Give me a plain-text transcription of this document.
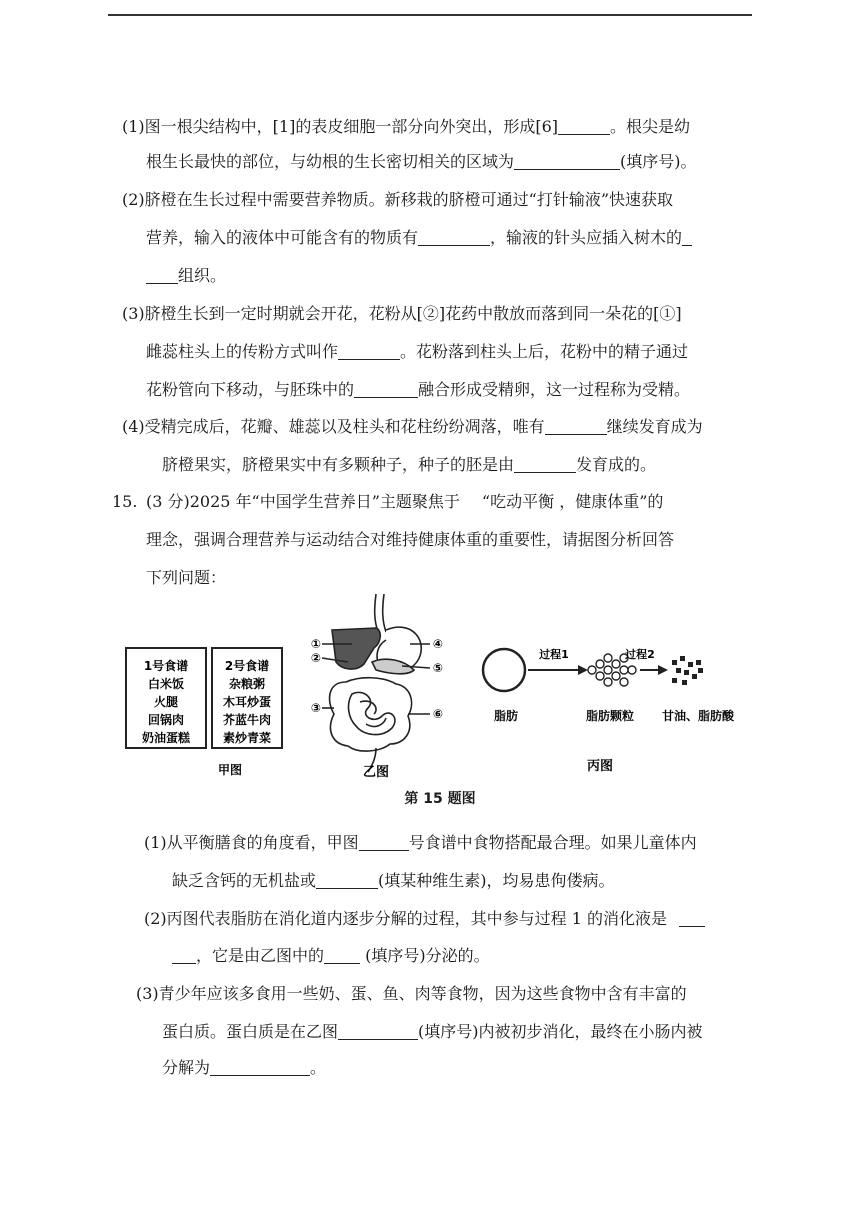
(1)图一根尖结构中，[1]的表皮细胞一部分向外突出，形成[6]	。根尖是幼
根生长最快的部位，与幼根的生长密切相关的区域为	(填序号)。
(2)脐橙在生长过程中需要营养物质。新移栽的脐橙可通过“打针输液”快速获取
营养，输入的液体中可能含有的物质有	，输液的针头应插入树木的
组织。
(3)脐橙生长到一定时期就会开花，花粉从[②]花药中散放而落到同一朵花的[①]
雌蕊柱头上的传粉方式叫作	。花粉落到柱头上后，花粉中的精子通过
花粉管向下移动，与胚珠中的	融合形成受精卵，这一过程称为受精。
(4)受精完成后，花瓣、雄蕊以及柱头和花柱纷纷凋落，唯有	继续发育成为
脐橙果实，脐橙果实中有多颗种子，种子的胚是由	发育成的。
15. (3 分)2025 年“中国学生营养日”主题聚焦于 “吃动平衡 ，健康体重”的
理念，强调合理营养与运动结合对维持健康体重的重要性，请据图分析回答
下列问题：
1号食谱
白米饭
火腿
回锅肉
奶油蛋糕
2号食谱
杂粮粥
木耳炒蛋
芥蓝牛肉
素炒青菜
甲图
①
②
③
④
⑤
⑥
乙图
过程1	过程2
脂肪	脂肪颗粒 甘油、脂肪酸
丙图
第 15 题图
(1)从平衡膳食的角度看，甲图	号食谱中食物搭配最合理。如果儿童体内
缺乏含钙的无机盐或	(填某种维生素)，均易患佝偻病。
(2)丙图代表脂肪在消化道内逐步分解的过程，其中参与过程 1 的消化液是
，它是由乙图中的 (填序号)分泌的。
(3)青少年应该多食用一些奶、蛋、鱼、肉等食物，因为这些食物中含有丰富的
蛋白质。蛋白质是在乙图	(填序号)内被初步消化，最终在小肠内被
分解为	。
